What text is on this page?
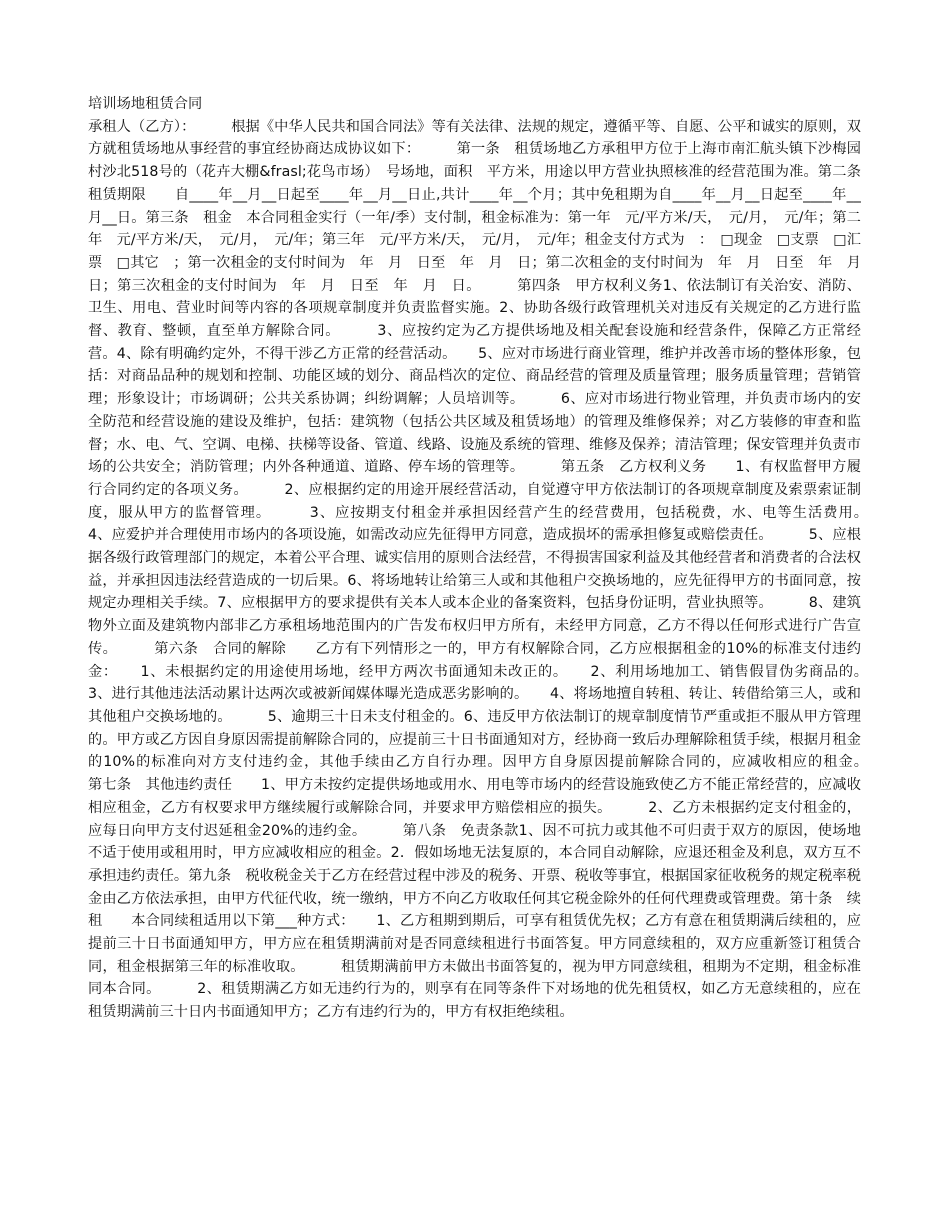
培训场地租赁合同

承租人（乙方）：　　　根据《中华人民共和国合同法》等有关法律、法规的规定，遵循平等、自愿、公平和诚实的原则，双方就租赁场地从事经营的事宜经协商达成协议如下：　　　第一条　租赁场地乙方承租甲方位于上海市南汇航头镇下沙梅园村沙北518号的（花卉大棚&frasl;花鸟市场）　号场地，面积　平方米，用途以甲方营业执照核准的经营范围为准。第二条　租赁期限　　自____年__月__日起至____年__月__日止,共计____年__个月；其中免租期为自____年__月__日起至____年__月__日。第三条　租金　本合同租金实行（一年/季）支付制，租金标准为：第一年　元/平方米/天，　元/月，　元/年；第二年　元/平方米/天，　元/月，　元/年；第三年　元/平方米/天，　元/月，　元/年；租金支付方式为　：　□现金　□支票　□汇票　□其它　；第一次租金的支付时间为　年　月　日至　年　月　日；第二次租金的支付时间为　年　月　日至　年　月　日；第三次租金的支付时间为　年　月　日至　年　月　日。　　　第四条　甲方权利义务1、依法制订有关治安、消防、卫生、用电、营业时间等内容的各项规章制度并负责监督实施。2、协助各级行政管理机关对违反有关规定的乙方进行监督、教育、整顿，直至单方解除合同。　　　3、应按约定为乙方提供场地及相关配套设施和经营条件，保障乙方正常经营。4、除有明确约定外，不得干涉乙方正常的经营活动。　　5、应对市场进行商业管理，维护并改善市场的整体形象，包括：对商品品种的规划和控制、功能区域的划分、商品档次的定位、商品经营的管理及质量管理；服务质量管理；营销管理；形象设计；市场调研；公共关系协调；纠纷调解；人员培训等。　　　6、应对市场进行物业管理，并负责市场内的安全防范和经营设施的建设及维护，包括：建筑物（包括公共区域及租赁场地）的管理及维修保养；对乙方装修的审查和监督；水、电、气、空调、电梯、扶梯等设备、管道、线路、设施及系统的管理、维修及保养；清洁管理；保安管理并负责市场的公共安全；消防管理；内外各种通道、道路、停车场的管理等。　　　第五条　乙方权利义务　　1、有权监督甲方履行合同约定的各项义务。　　　2、应根据约定的用途开展经营活动，自觉遵守甲方依法制订的各项规章制度及索票索证制度，服从甲方的监督管理。　　　3、应按期支付租金并承担因经营产生的经营费用，包括税费，水、电等生活费用。　　　4、应爱护并合理使用市场内的各项设施，如需改动应先征得甲方同意，造成损坏的需承担修复或赔偿责任。　　　5、应根据各级行政管理部门的规定，本着公平合理、诚实信用的原则合法经营，不得损害国家利益及其他经营者和消费者的合法权益，并承担因违法经营造成的一切后果。6、将场地转让给第三人或和其他租户交换场地的，应先征得甲方的书面同意，按规定办理相关手续。7、应根据甲方的要求提供有关本人或本企业的备案资料，包括身份证明，营业执照等。　　　8、建筑物外立面及建筑物内部非乙方承租场地范围内的广告发布权归甲方所有，未经甲方同意，乙方不得以任何形式进行广告宣传。　　　第六条　合同的解除　　乙方有下列情形之一的，甲方有权解除合同，乙方应根据租金的10%的标准支付违约金：　　1、未根据约定的用途使用场地，经甲方两次书面通知未改正的。　　2、利用场地加工、销售假冒伪劣商品的。　　　3、进行其他违法活动累计达两次或被新闻媒体曝光造成恶劣影响的。　　4、将场地擅自转租、转让、转借给第三人，或和其他租户交换场地的。　　　5、逾期三十日未支付租金的。6、违反甲方依法制订的规章制度情节严重或拒不服从甲方管理的。甲方或乙方因自身原因需提前解除合同的，应提前三十日书面通知对方，经协商一致后办理解除租赁手续，根据月租金的10%的标准向对方支付违约金，其他手续由乙方自行办理。因甲方自身原因提前解除合同的，应减收相应的租金。　　　第七条　其他违约责任　　1、甲方未按约定提供场地或用水、用电等市场内的经营设施致使乙方不能正常经营的，应减收相应租金，乙方有权要求甲方继续履行或解除合同，并要求甲方赔偿相应的损失。　　　2、乙方未根据约定支付租金的，应每日向甲方支付迟延租金20%的违约金。　　　第八条　免责条款1、因不可抗力或其他不可归责于双方的原因，使场地不适于使用或租用时，甲方应减收相应的租金。2．假如场地无法复原的，本合同自动解除，应退还租金及利息，双方互不承担违约责任。第九条　税收税金关于乙方在经营过程中涉及的税务、开票、税收等事宜，根据国家征收税务的规定税率税金由乙方依法承担，由甲方代征代收，统一缴纳，甲方不向乙方收取任何其它税金除外的任何代理费或管理费。第十条　续租　　本合同续租适用以下第___种方式：　　1、乙方租期到期后，可享有租赁优先权；乙方有意在租赁期满后续租的，应提前三十日书面通知甲方，甲方应在租赁期满前对是否同意续租进行书面答复。甲方同意续租的，双方应重新签订租赁合同，租金根据第三年的标准收取。　　　租赁期满前甲方未做出书面答复的，视为甲方同意续租，租期为不定期，租金标准同本合同。　　　2、租赁期满乙方如无违约行为的，则享有在同等条件下对场地的优先租赁权，如乙方无意续租的，应在租赁期满前三十日内书面通知甲方；乙方有违约行为的，甲方有权拒绝续租。
